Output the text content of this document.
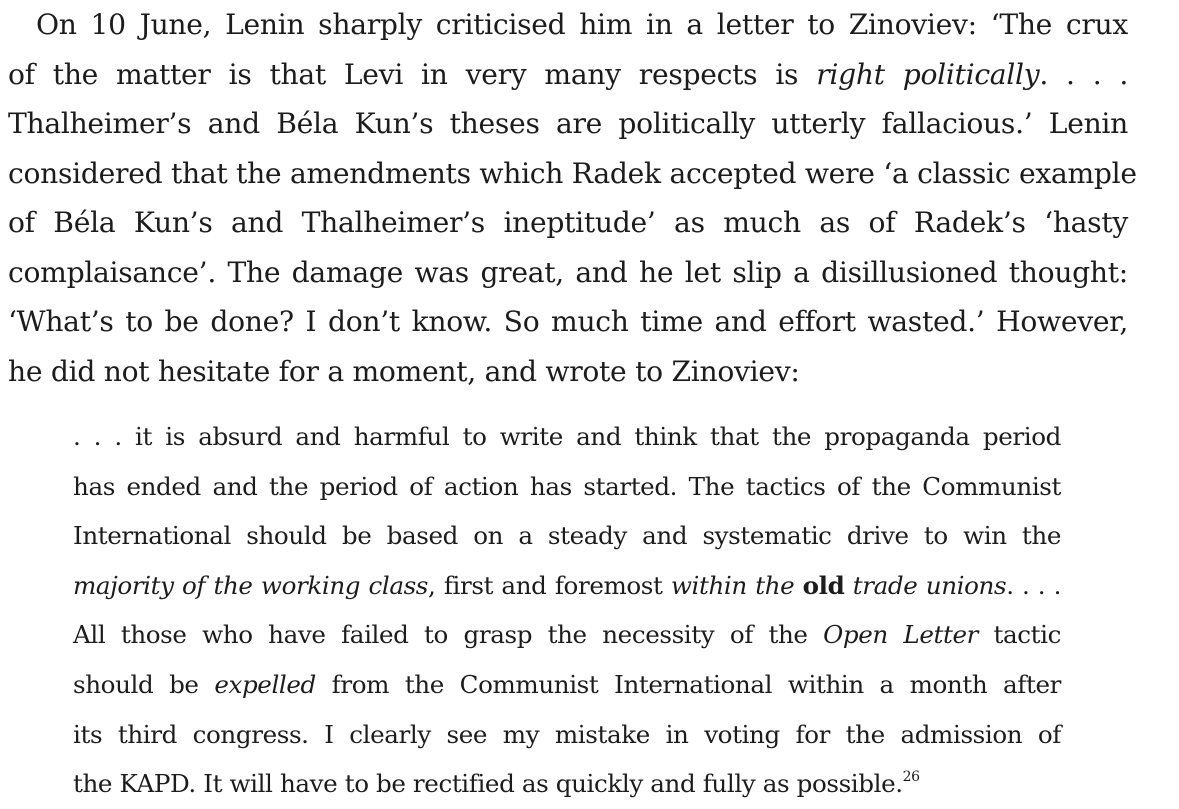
On 10 June, Lenin sharply criticised him in a letter to Zinoviev: ‘The crux
of the matter is that Levi in very many respects is right politically. . . .
Thalheimer’s and Béla Kun’s theses are politically utterly fallacious.’ Lenin
considered that the amendments which Radek accepted were ‘a classic example
of Béla Kun’s and Thalheimer’s ineptitude’ as much as of Radek’s ‘hasty
complaisance’. The damage was great, and he let slip a disillusioned thought:
‘What’s to be done? I don’t know. So much time and effort wasted.’ However,
he did not hesitate for a moment, and wrote to Zinoviev:
. . . it is absurd and harmful to write and think that the propaganda period
has ended and the period of action has started. The tactics of the Communist
International should be based on a steady and systematic drive to win the
majority of the working class, first and foremost within the old trade unions. . . .
All those who have failed to grasp the necessity of the Open Letter tactic
should be expelled from the Communist International within a month after
its third congress. I clearly see my mistake in voting for the admission of
the KAPD. It will have to be rectified as quickly and fully as possible.$^{26}$
